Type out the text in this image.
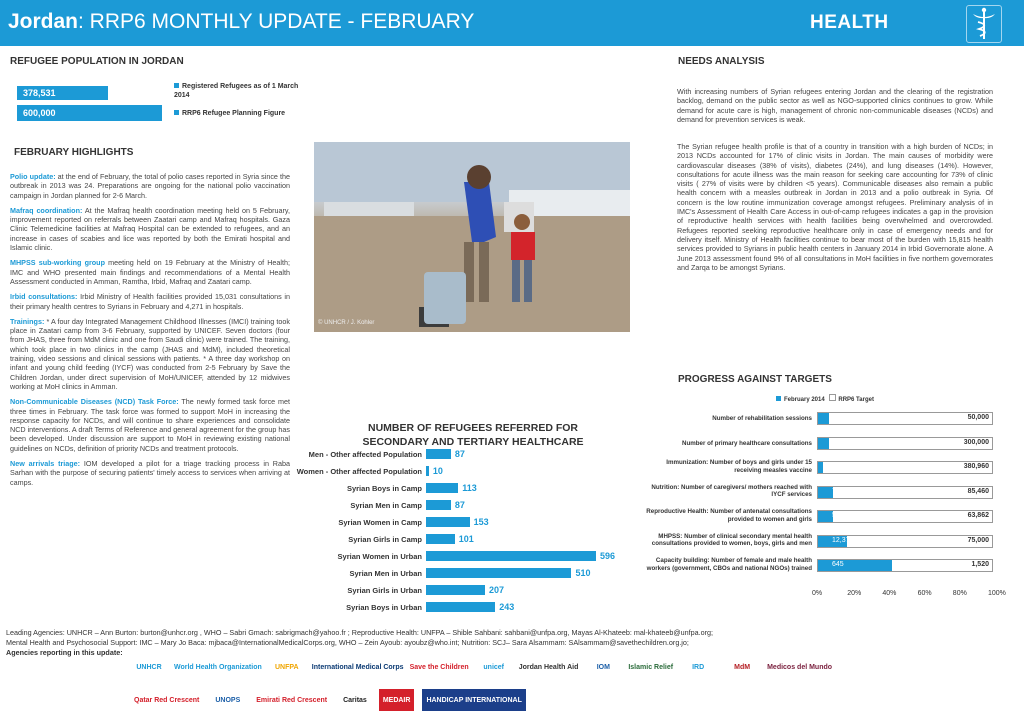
Jordan: RRP6 MONTHLY UPDATE - FEBRUARY	HEALTH
REFUGEE POPULATION IN JORDAN
378,531
600,000
Registered Refugees as of 1 March 2014
RRP6 Refugee Planning Figure
FEBRUARY HIGHLIGHTS
Polio update: at the end of February, the total of polio cases reported in Syria since the outbreak in 2013 was 24. Preparations are ongoing for the national polio vaccination campaign in Jordan planned for 2-6 March.
Mafraq coordination: At the Mafraq health coordination meeting held on 5 February, improvement reported on referrals between Zaatari camp and Mafraq hospitals. Gaza Clinic Telemedicine facilities at Mafraq Hospital can be extended to refugees, and an increase in cases of scabies and lice was reported by both the Emirati hospital and Islamic clinic.
MHPSS sub-working group meeting held on 19 February at the Ministry of Health; IMC and WHO presented main findings and recommendations of a Mental Health Assessment conducted in Amman, Ramtha, Irbid, Mafraq and Zaatari camp.
Irbid consultations: Irbid Ministry of Health facilities provided 15,031 consultations in their primary health centres to Syrians in February and 4,271 in hospitals.
Trainings: * A four day Integrated Management Childhood Illnesses (IMCI) training took place in Zaatari camp from 3-6 February, supported by UNICEF. Seven doctors (four from JHAS, three from MdM clinic and one from Saudi clinic) were trained. The training, which took place in two clinics in the camp (JHAS and MdM), included theoretical training, video sessions and clinical sessions with patients. * A three day workshop on infant and young child feeding (IYCF) was conducted from 2-5 February by Save the Children Jordan, under direct supervision of MoH/UNICEF, attended by 12 midwives working at MoH clinics in Amman.
Non-Communicable Diseases (NCD) Task Force: The newly formed task force met three times in February. The task force was formed to support MoH in increasing the response capacity for NCDs, and will continue to share experiences and consolidate NCD interventions. A draft Terms of Reference and general agreement for the group has been developed. Under discussion are support to MoH in reviewing existing national guidelines on NCDs, definition of priority NCDs and treatment protocols.
New arrivals triage: IOM developed a pilot for a triage tracking process in Raba Sarhan with the purpose of securing patients' timely access to services when arriving at camps.
© UNHCR / J. Kohler
NEEDS ANALYSIS
With increasing numbers of Syrian refugees entering Jordan and the clearing of the registration backlog, demand on the public sector as well as NGO-supported clinics continues to grow. While demand for acute care is high, management of chronic non-communicable diseases (NCDs) and demand for prevention services is weak.
The Syrian refugee health profile is that of a country in transition with a high burden of NCDs; in 2013 NCDs accounted for 17% of clinic visits in Jordan. The main causes of morbidity were cardiovascular diseases (38% of visits), diabetes (24%), and lung diseases (14%). However, consultations for acute illness was the main reason for seeking care accounting for 73% of clinic visits ( 27% of visits were by children <5 years). Communicable diseases also remain a public health concern with a measles outbreak in Jordan in 2013 and a polio outbreak in Syria. Of concern is the low routine immunization coverage amongst refugees. Preliminary analysis of in IMC's Assessment of Health Care Access in out-of-camp refugees indicates a gap in the provision of reproductive health services with health facilities being overwhelmed and overcrowded. Refugees reported seeking reproductive healthcare only in case of emergency needs and for delivery itself. Ministry of Health facilities continue to bear most of the burden with 15,815 health services provided to Syrians in public health centers in January 2014 in Irbid Governorate alone. A June 2013 assessment found 9% of all consultations in MoH facilities in five northern governorates and Zarqa to be amongst Syrians.
PROGRESS AGAINST TARGETS
February 2014 RRP6 Target
Number of rehabilitation sessions	3,215	50,000
Number of primary healthcare consultations	19,649	300,000
Immunization: Number of boys and girls under 15 receiving measles vaccine	11,535	380,960
Nutrition: Number of caregivers/ mothers reached with IYCF services	7,479	85,460
Reproductive Health: Number of antenatal consultations provided to women and girls	5,532	63,862
MHPSS: Number of clinical secondary mental health consultations provided to women, boys, girls and men	12,379	75,000
Capacity building: Number of female and male health workers (government, CBOs and national NGOs) trained	645	1,520
0%	20%	40%	60%	80%	100%
NUMBER OF REFUGEES REFERRED FOR SECONDARY AND TERTIARY HEALTHCARE
Men - Other affected Population	87
Women - Other affected Population 10
Syrian Boys in Camp	113
Syrian Men in Camp	87
Syrian Women in Camp	153
Syrian Girls in Camp	101
Syrian Women in Urban	596
Syrian Men in Urban	510
Syrian Girls in Urban	207
Syrian Boys in Urban	243
Leading Agencies: UNHCR – Ann Burton: burton@unhcr.org , WHO – Sabri Gmach: sabrigmach@yahoo.fr ; Reproductive Health: UNFPA – Shible Sahbani: sahbani@unfpa.org, Mayas Al-Khateeb: mal-khateeb@unfpa.org;
Mental Health and Psychosocial Support: IMC – Mary Jo Baca: mjbaca@InternationalMedicalCorps.org, WHO – Zein Ayoub: ayoubz@who.int; Nutrition: SCJ– Sara Alsammam: SAlsammam@savethechildren.org.jo;
Agencies reporting in this update:
UNHCR	World Health Organization	UNFPA	International Medical Corps Save the Children	unicef	Jordan Health Aid	IOM	Islamic Relief	IRD	MdM	Medicos del Mundo
Qatar Red Crescent	UNOPS	Emirati Red Crescent	Caritas	MEDAIR	HANDICAP INTERNATIONAL
